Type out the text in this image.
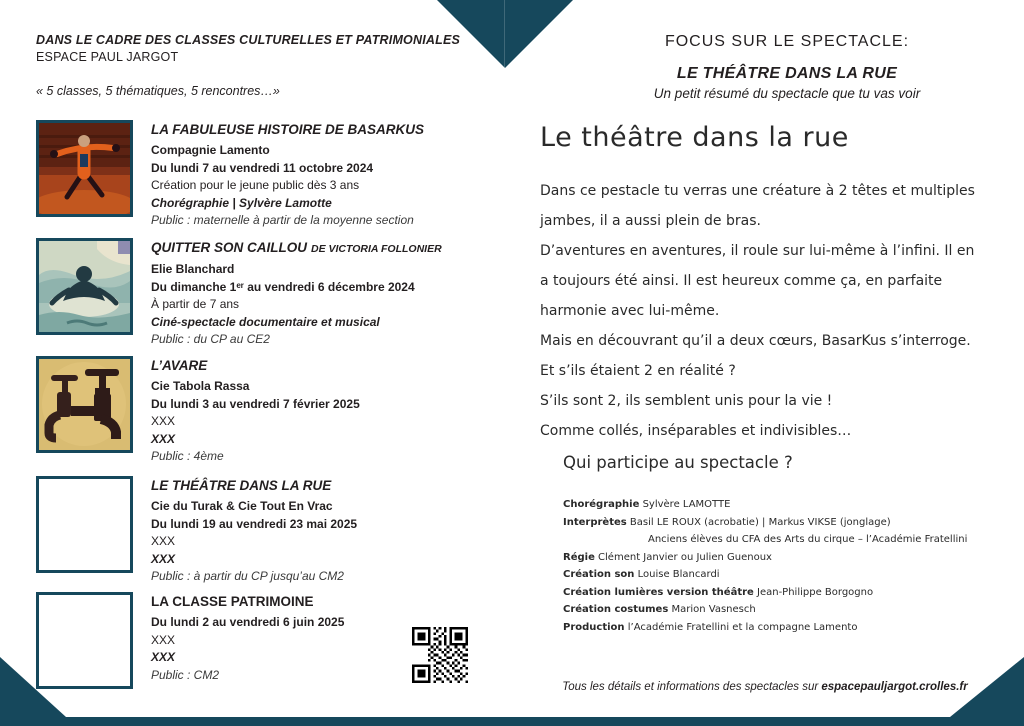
DANS LE CADRE DES CLASSES CULTURELLES ET PATRIMONIALES
ESPACE PAUL JARGOT
« 5 classes, 5 thématiques, 5 rencontres…»
LA FABULEUSE HISTOIRE DE BASARKUS
Compagnie Lamento
Du lundi 7 au vendredi 11 octobre 2024
Création pour le jeune public dès 3 ans
Chorégraphie | Sylvère Lamotte
Public : maternelle à partir de la moyenne section
QUITTER SON CAILLOU DE VICTORIA FOLLONIER
Elie Blanchard
Du dimanche 1ᵉʳ au vendredi 6 décembre 2024
À partir de 7 ans
Ciné-spectacle documentaire et musical
Public : du CP au CE2
L’AVARE
Cie Tabola Rassa
Du lundi 3 au vendredi 7 février 2025
XXX
XXX
Public : 4ème
LE THÉÂTRE DANS LA RUE
Cie du Turak & Cie Tout En Vrac
Du lundi 19 au vendredi 23 mai 2025
XXX
XXX
Public : à partir du CP jusqu’au CM2
LA CLASSE PATRIMOINE
Du lundi 2 au vendredi 6 juin 2025
XXX
XXX
Public : CM2
FOCUS SUR LE SPECTACLE:
LE THÉÂTRE DANS LA RUE
Un petit résumé du spectacle que tu vas voir
Le théâtre dans la rue

Dans ce pestacle tu verras une créature à 2 têtes et multiples jambes, il a aussi plein de bras.

D’aventures en aventures, il roule sur lui-même à l’infini. Il en a toujours été ainsi. Il est heureux comme ça, en parfaite harmonie avec lui-même.

Mais en découvrant qu’il a deux cœurs, BasarKus s’interroge.

Et s’ils étaient 2 en réalité ?

S’ils sont 2, ils semblent unis pour la vie !

Comme collés, inséparables et indivisibles…

Qui participe au spectacle ?
Chorégraphie Sylvère LAMOTTE
Interprètes Basil LE ROUX (acrobatie) | Markus VIKSE (jonglage)
Anciens élèves du CFA des Arts du cirque – l’Académie Fratellini
Régie Clément Janvier ou Julien Guenoux
Création son Louise Blancardi
Création lumières version théâtre Jean-Philippe Borgogno
Création costumes Marion Vasnesch
Production l’Académie Fratellini et la compagne Lamento
Tous les détails et informations des spectacles sur espacepauljargot.crolles.fr
